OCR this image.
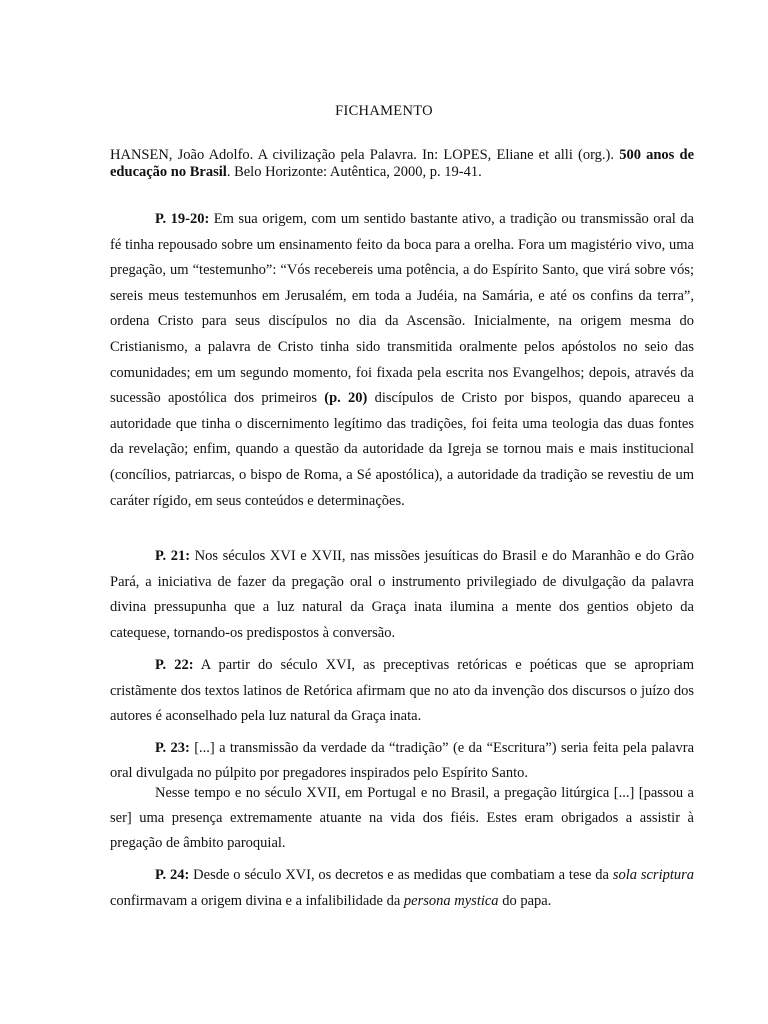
FICHAMENTO
HANSEN, João Adolfo. A civilização pela Palavra. In: LOPES, Eliane et alli (org.). 500 anos de educação no Brasil. Belo Horizonte: Autêntica, 2000, p. 19-41.

P. 19-20: Em sua origem, com um sentido bastante ativo, a tradição ou transmissão oral da fé tinha repousado sobre um ensinamento feito da boca para a orelha. Fora um magistério vivo, uma pregação, um “testemunho”: “Vós recebereis uma potência, a do Espírito Santo, que virá sobre vós; sereis meus testemunhos em Jerusalém, em toda a Judéia, na Samária, e até os confins da terra”, ordena Cristo para seus discípulos no dia da Ascensão. Inicialmente, na origem mesma do Cristianismo, a palavra de Cristo tinha sido transmitida oralmente pelos apóstolos no seio das comunidades; em um segundo momento, foi fixada pela escrita nos Evangelhos; depois, através da sucessão apostólica dos primeiros (p. 20) discípulos de Cristo por bispos, quando apareceu a autoridade que tinha o discernimento legítimo das tradições, foi feita uma teologia das duas fontes da revelação; enfim, quando a questão da autoridade da Igreja se tornou mais e mais institucional (concílios, patriarcas, o bispo de Roma, a Sé apostólica), a autoridade da tradição se revestiu de um caráter rígido, em seus conteúdos e determinações.

P. 21: Nos séculos XVI e XVII, nas missões jesuíticas do Brasil e do Maranhão e do Grão Pará, a iniciativa de fazer da pregação oral o instrumento privilegiado de divulgação da palavra divina pressupunha que a luz natural da Graça inata ilumina a mente dos gentios objeto da catequese, tornando-os predispostos à conversão.

P. 22: A partir do século XVI, as preceptivas retóricas e poéticas que se apropriam cristãmente dos textos latinos de Retórica afirmam que no ato da invenção dos discursos o juízo dos autores é aconselhado pela luz natural da Graça inata.

P. 23: [...] a transmissão da verdade da “tradição” (e da “Escritura”) seria feita pela palavra oral divulgada no púlpito por pregadores inspirados pelo Espírito Santo.

Nesse tempo e no século XVII, em Portugal e no Brasil, a pregação litúrgica [...] [passou a ser] uma presença extremamente atuante na vida dos fiéis. Estes eram obrigados a assistir à pregação de âmbito paroquial.

P. 24: Desde o século XVI, os decretos e as medidas que combatiam a tese da sola scriptura confirmavam a origem divina e a infalibilidade da persona mystica do papa.
